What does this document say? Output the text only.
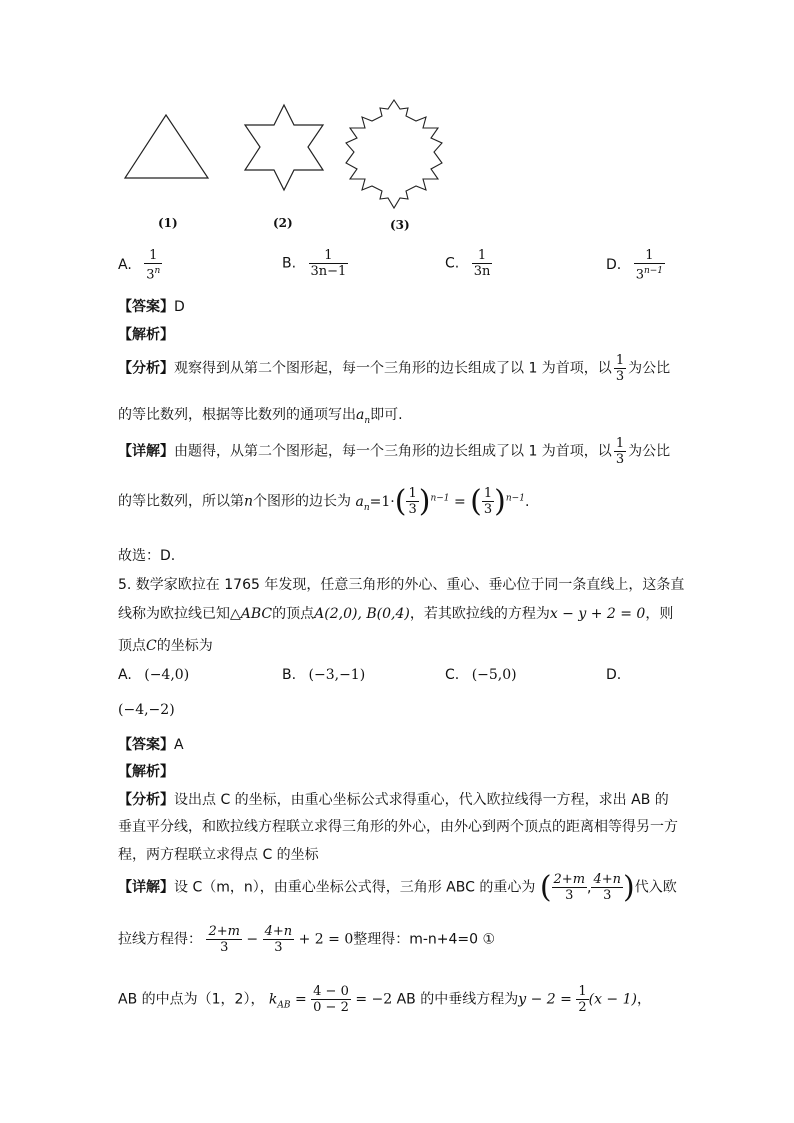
(1)	(2)	(3)
A. $\frac{1}{3^n}$	B. $\frac{1}{3n-1}$	C. $\frac{1}{3n}$	D. $\frac{1}{3^{n-1}}$
【答案】D
【解析】
【分析】观察得到从第二个图形起，每一个三角形的边长组成了以 1 为首项，以 $\frac{1}{3}$ 为公比
的等比数列，根据等比数列的通项写出$a_n$即可.
【详解】由题得，从第二个图形起，每一个三角形的边长组成了以 1 为首项，以 $\frac{1}{3}$ 为公比
的等比数列，所以第n个图形的边长为 $a_n=1\cdot( \frac{1}{3} )^{n-1}$ = ( $\frac{1}{3} )^{n-1}$.
故选：D.
5. 数学家欧拉在 1765 年发现，任意三角形的外心、重心、垂心位于同一条直线上，这条直
线称为欧拉线已知△ABC的顶点A(2,0), B(0,4)，若其欧拉线的方程为x − y + 2 = 0，则
顶点C的坐标为
A. (−4,0)	B. (−3,−1)	C. (−5,0)	D.
(−4,−2)
【答案】A
【解析】
【分析】设出点 C 的坐标，由重心坐标公式求得重心，代入欧拉线得一方程，求出 AB 的
垂直平分线，和欧拉线方程联立求得三角形的外心，由外心到两个顶点的距离相等得另一方
程，两方程联立求得点 C 的坐标
【详解】设 C（m，n），由重心坐标公式得，三角形 ABC 的重心为 ( $\frac{2+m}{3}$ , $\frac{4+n}{3}$ )代入欧
拉线方程得： $\frac{2+m}{3} - \frac{4+n}{3} + 2 = 0$整理得：m-n+4=0 ①
AB 的中点为（1，2）， $k_{AB} = \frac{4 - 0}{0 - 2} = -2$ AB 的中垂线方程为$y - 2 = \frac{1}{2} (x - 1)$，
